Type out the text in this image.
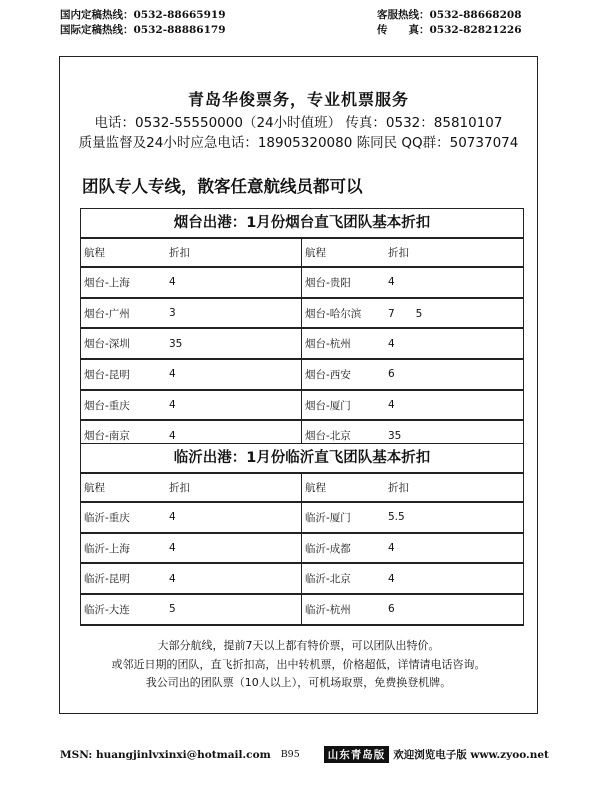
国内定稿热线：0532-88665919
国际定稿热线：0532-88886179
客服热线：0532-88668208
传　　真：0532-82821226
青岛华俊票务，专业机票服务
电话：0532-55550000（24小时值班） 传真：0532：85810107
质量监督及24小时应急电话：18905320080 陈同民 QQ群：50737074
团队专人专线，散客任意航线员都可以
烟台出港：1月份烟台直飞团队基本折扣
航程	折扣	航程	折扣
烟台-上海	4	烟台-贵阳	4
烟台-广州	3	烟台-哈尔滨	7　　5
烟台-深圳	35	烟台-杭州	4
烟台-昆明	4	烟台-西安	6
烟台-重庆	4	烟台-厦门	4
烟台-南京	4	烟台-北京	35
临沂出港：1月份临沂直飞团队基本折扣
航程	折扣	航程	折扣
临沂-重庆	4	临沂-厦门	5.5
临沂-上海	4	临沂-成都	4
临沂-昆明	4	临沂-北京	4
临沂-大连	5	临沂-杭州	6
大部分航线，提前7天以上都有特价票，可以团队出特价。
或邻近日期的团队，直飞折扣高，出中转机票，价格超低，详情请电话咨询。
我公司出的团队票（10人以上），可机场取票，免费换登机牌。
MSN: huangjinlvxinxi@hotmail.com B95	山东青岛版 欢迎浏览电子版 www.zyoo.net
